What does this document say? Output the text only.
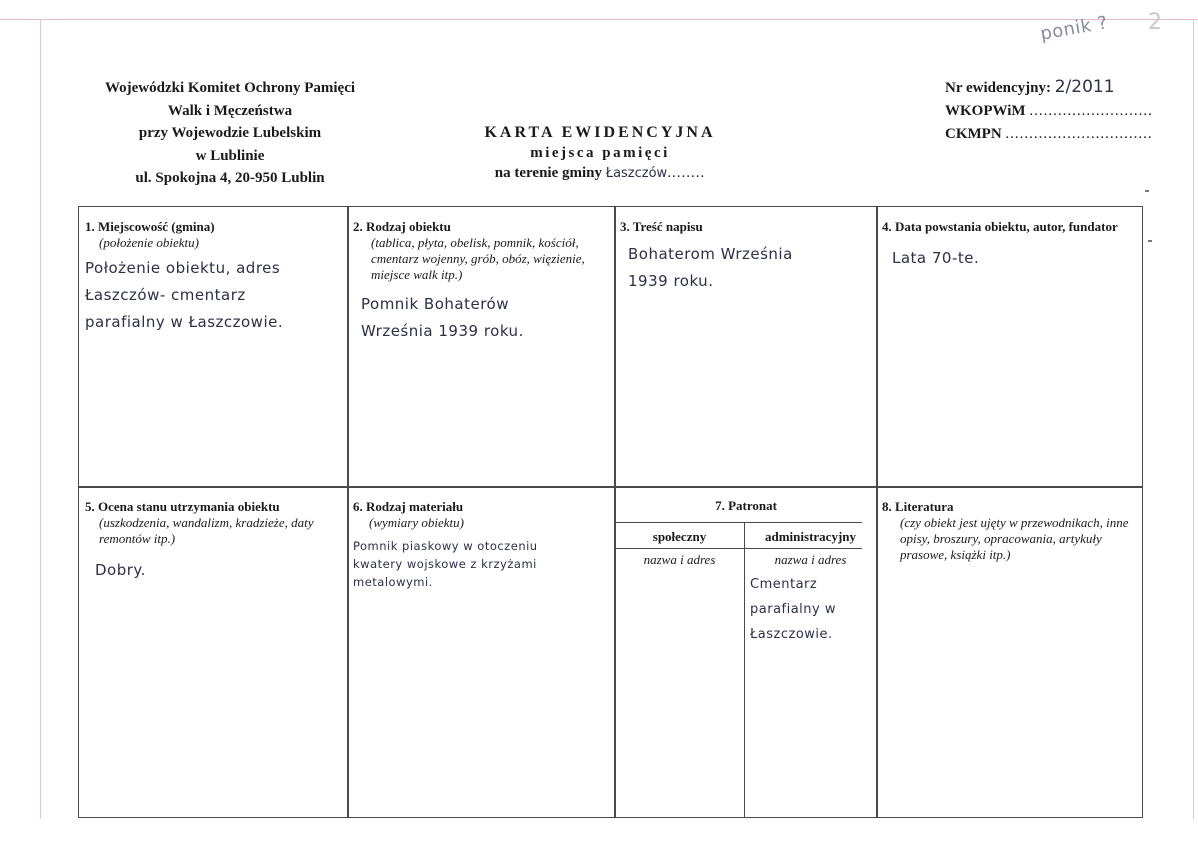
ponik ? 2
Wojewódzki Komitet Ochrony Pamięci
Walk i Męczeństwa
przy Wojewodzie Lubelskim
w Lublinie
ul. Spokojna 4, 20-950 Lublin
KARTA EWIDENCYJNA
miejsca pamięci
na terenie gminy Łaszczów........
Nr ewidencyjny: 2/2011
WKOPWiM ..........................
CKMPN ...............................
1. Miejscowość (gmina)
(położenie obiektu)
Położenie obiektu, adres
Łaszczów- cmentarz
parafialny w Łaszczowie.
2. Rodzaj obiektu
(tablica, płyta, obelisk, pomnik, kościół, cmentarz wojenny, grób, obóz, więzienie, miejsce walk itp.)
Pomnik Bohaterów
Września 1939 roku.
3. Treść napisu
Bohaterom Września
1939 roku.
4. Data powstania obiektu, autor, fundator
Lata 70-te.
5. Ocena stanu utrzymania obiektu
(uszkodzenia, wandalizm, kradzieże, daty remontów itp.)
Dobry.
6. Rodzaj materiału
(wymiary obiektu)
Pomnik piaskowy w otoczeniu
kwatery wojskowe z krzyżami
metalowymi.
7. Patronat
społeczny	administracyjny
nazwa i adres	nazwa i adres
Cmentarz
parafialny w
Łaszczowie.
8. Literatura
(czy obiekt jest ujęty w przewodnikach, inne opisy, broszury, opracowania, artykuły prasowe, książki itp.)
